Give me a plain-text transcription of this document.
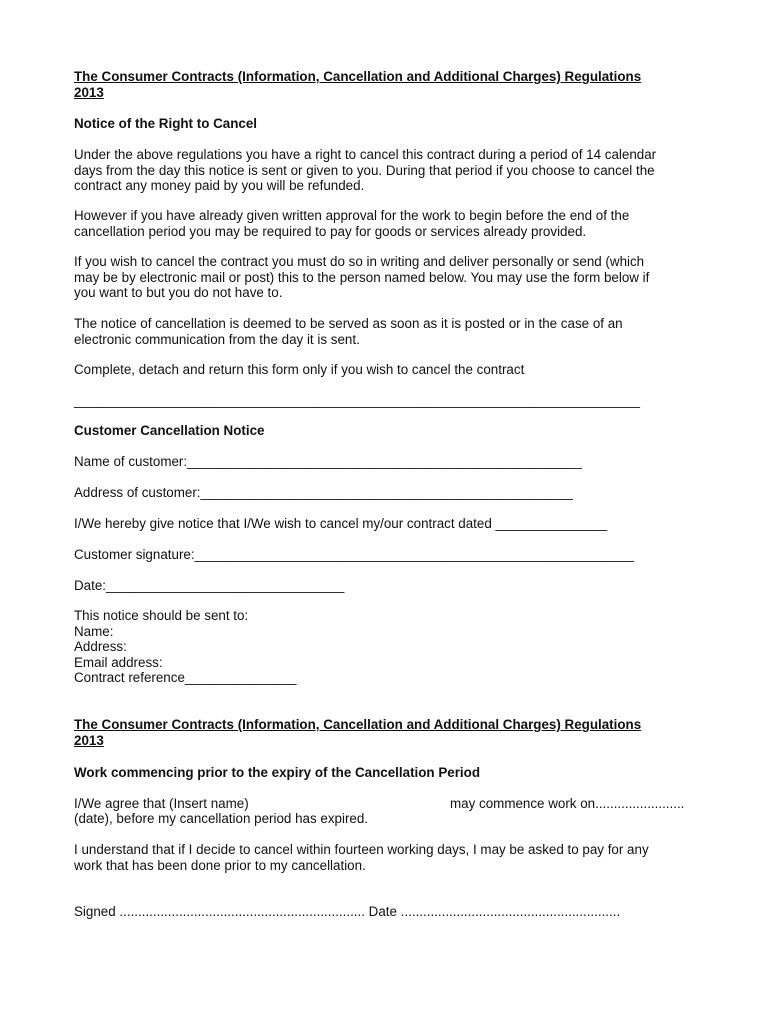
The Consumer Contracts (Information, Cancellation and Additional Charges) Regulations
2013
Notice of the Right to Cancel
Under the above regulations you have a right to cancel this contract during a period of 14 calendar
days from the day this notice is sent or given to you. During that period if you choose to cancel the
contract any money paid by you will be refunded.
However if you have already given written approval for the work to begin before the end of the
cancellation period you may be required to pay for goods or services already provided.
If you wish to cancel the contract you must do so in writing and deliver personally or send (which
may be by electronic mail or post) this to the person named below. You may use the form below if
you want to but you do not have to.
The notice of cancellation is deemed to be served as soon as it is posted or in the case of an
electronic communication from the day it is sent.
Complete, detach and return this form only if you wish to cancel the contract
____________________________________________________________________________
Customer Cancellation Notice
Name of customer:_____________________________________________________
Address of customer:__________________________________________________
I/We hereby give notice that I/We wish to cancel my/our contract dated _______________
Customer signature:___________________________________________________________
Date:________________________________
This notice should be sent to:
Name:
Address:
Email address:
Contract reference_______________
The Consumer Contracts (Information, Cancellation and Additional Charges) Regulations
2013
Work commencing prior to the expiry of the Cancellation Period
I/We agree that (Insert name)	may commence work on........................
(date), before my cancellation period has expired.
I understand that if I decide to cancel within fourteen working days, I may be asked to pay for any
work that has been done prior to my cancellation.
Signed .................................................................. Date ...........................................................
